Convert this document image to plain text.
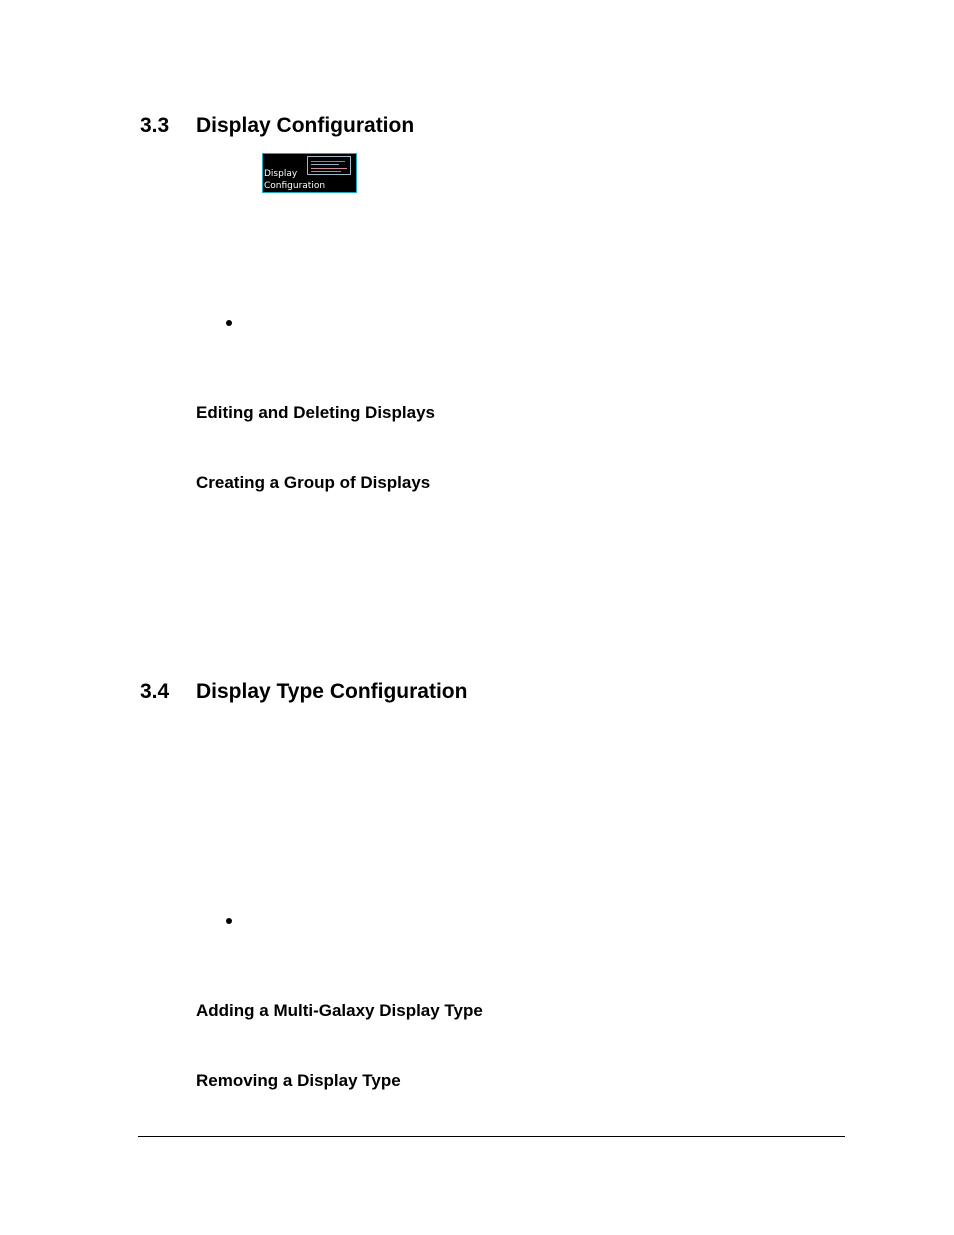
3.3 Display Configuration
Display
Configuration
Editing and Deleting Displays
Creating a Group of Displays
3.4 Display Type Configuration
Adding a Multi-Galaxy Display Type
Removing a Display Type
